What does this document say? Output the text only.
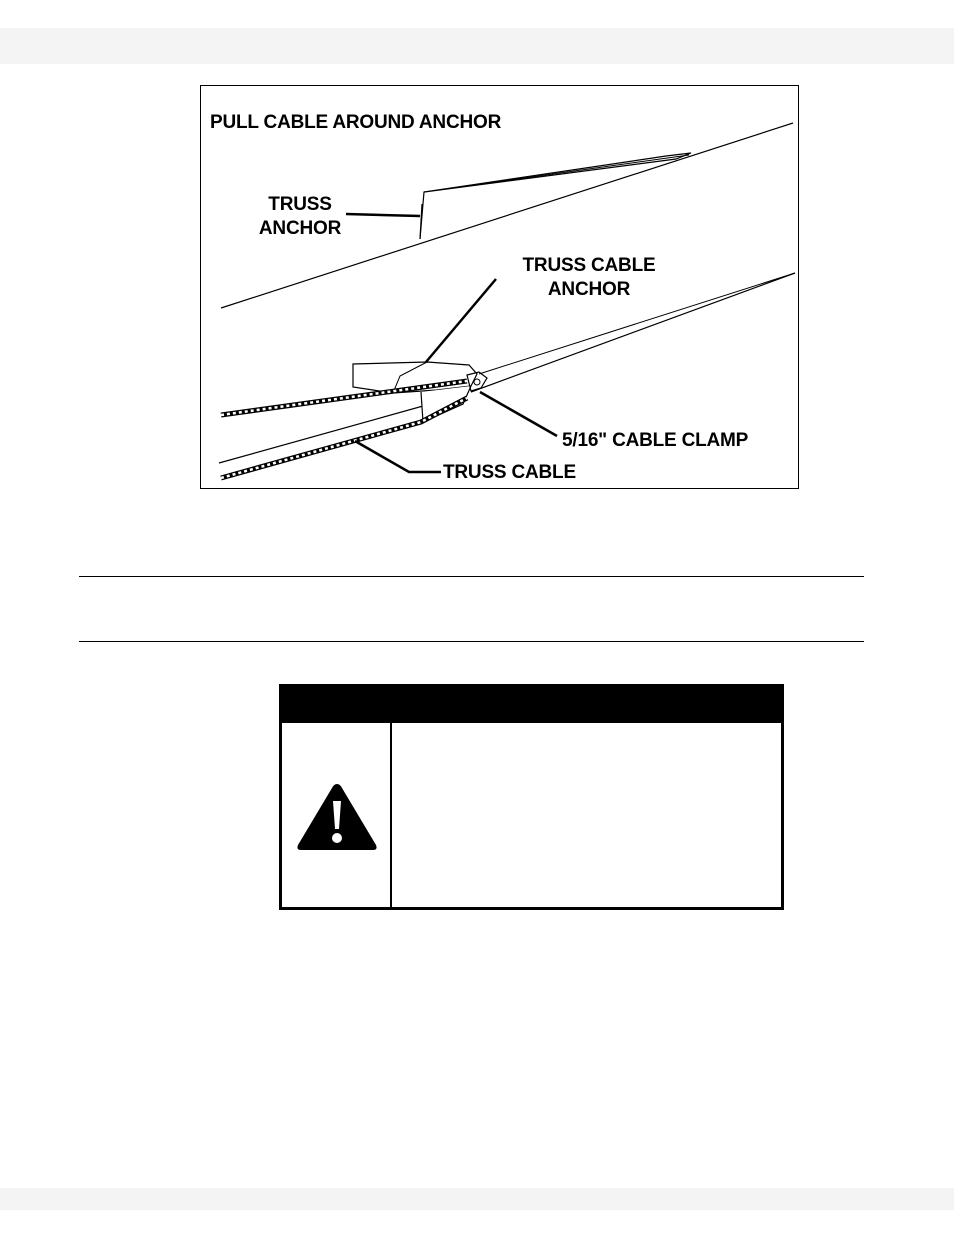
PULL CABLE AROUND ANCHOR
TRUSS
ANCHOR
TRUSS CABLE
ANCHOR
5/16" CABLE CLAMP
TRUSS CABLE
